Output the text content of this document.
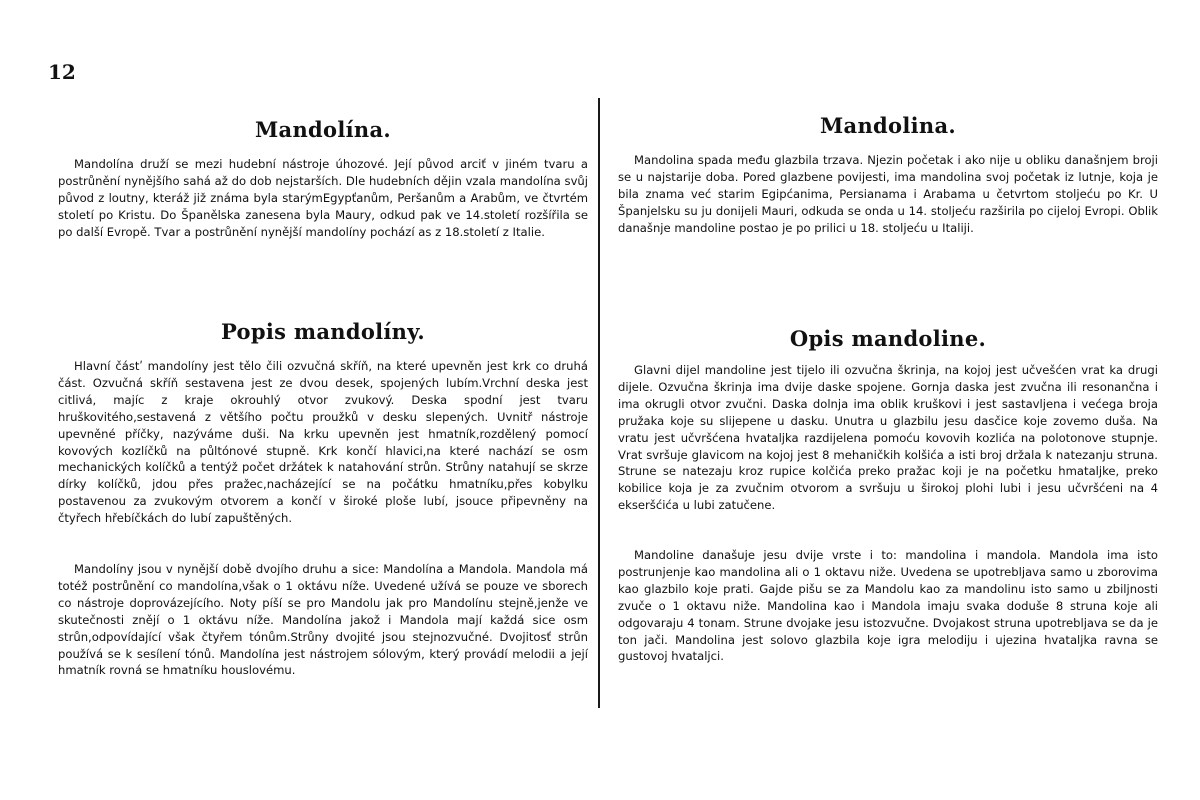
12
Mandolína.

Mandolína druží se mezi hudební nástroje úhozové. Její původ arciť v jiném tvaru a postrůnění nynějšího sahá až do dob nejstarších. Dle hudebních dějin vzala mandolína svůj původ z loutny, kteráž již známa byla starýmEgypťanům, Peršanům a Arabům, ve čtvrtém století po Kristu. Do Španělska zanesena byla Maury, odkud pak ve 14.století rozšířila se po další Evropě. Tvar a postrůnění nynější mandolíny pochází as z 18.století z Italie.

Popis mandolíny.

Hlavní částʹ mandolíny jest tělo čili ozvučná skříň, na které upevněn jest krk co druhá část. Ozvučná skříň sestavena jest ze dvou desek, spojených lubím.Vrchní deska jest citlivá, majíc z kraje okrouhlý otvor zvukový. Deska spodní jest tvaru hruškovitého,sestavená z většího počtu proužků v desku slepených. Uvnitř nástroje upevněné příčky, nazýváme duši. Na krku upevněn jest hmatník,rozdělený pomocí kovových kozlíčků na půltónové stupně. Krk končí hlavici,na které nachází se osm mechanických kolíčků a tentýž počet držátek k natahování strůn. Strůny natahují se skrze dírky kolíčků, jdou přes pražec,nacházející se na počátku hmatníku,přes kobylku postavenou za zvukovým otvorem a končí v široké ploše lubí, jsouce připevněny na čtyřech hřebíčkách do lubí zapuštěných.

Mandolíny jsou v nynější době dvojího druhu a sice: Mandolína a Mandola. Mandola má totéž postrůnění co mandolína,však o 1 oktávu níže. Uvedené užívá se pouze ve sborech co nástroje doprovázejícího. Noty píší se pro Mandolu jak pro Mandolínu stejně,jenže ve skutečnosti znějí o 1 oktávu níže. Mandolína jakož i Mandola mají každá sice osm strůn,odpovídající však čtyřem tónům.Strůny dvojité jsou stejnozvučné. Dvojitosť strůn používá se k sesílení tónů. Mandolína jest nástrojem sólovým, který provádí melodii a její hmatník rovná se hmatníku houslovému.

Mandolina.

Mandolina spada među glazbila trzava. Njezin početak i ako nije u obliku današnjem broji se u najstarije doba. Pored glazbene povijesti, ima mandolina svoj početak iz lutnje, koja je bila znama već starim Egipćanima, Persianama i Arabama u četvrtom stoljeću po Kr. U Španjelsku su ju donijeli Mauri, odkuda se onda u 14. stoljeću razširila po cijeloj Evropi. Oblik današnje mandoline postao je po prilici u 18. stoljeću u Italiji.

Opis mandoline.

Glavni dijel mandoline jest tijelo ili ozvučna škrinja, na kojoj jest učvešćen vrat ka drugi dijele. Ozvučna škrinja ima dvije daske spojene. Gornja daska jest zvučna ili resonančna i ima okrugli otvor zvučni. Daska dolnja ima oblik kruškovi i jest sastavljena i većega broja pružaka koje su slijepene u dasku. Unutra u glazbilu jesu dasčice koje zovemo duša. Na vratu jest učvršćena hvataljka razdijelena pomoću kovovih kozlića na polotonove stupnje. Vrat svršuje glavicom na kojoj jest 8 mehaničkih kolšića a isti broj držala k natezanju struna. Strune se natezaju kroz rupice kolčića preko pražac koji je na početku hmatalјke, preko kobilice koja je za zvučnim otvorom a svršuju u širokoj plohi lubi i jesu učvršćeni na 4 ekseršćića u lubi zatučene.

Mandoline današuje jesu dvije vrste i to: mandolina i mandola. Mandola ima isto postrunjenje kao mandolina ali o 1 oktavu niže. Uvedena se upotrebljava samo u zborovima kao glazbilo koje prati. Gajde pišu se za Mandolu kao za mandolinu isto samo u zbiljnosti zvuče o 1 oktavu niže. Mandolina kao i Mandola imaju svaka doduše 8 struna koje ali odgovaraju 4 tonam. Strune dvojake jesu istozvučne. Dvojakost struna upotrebljava se da je ton jači. Mandolina jest solovo glazbila koje igra melodiju i ujezina hvataljka ravna se gustovoj hvataljci.
